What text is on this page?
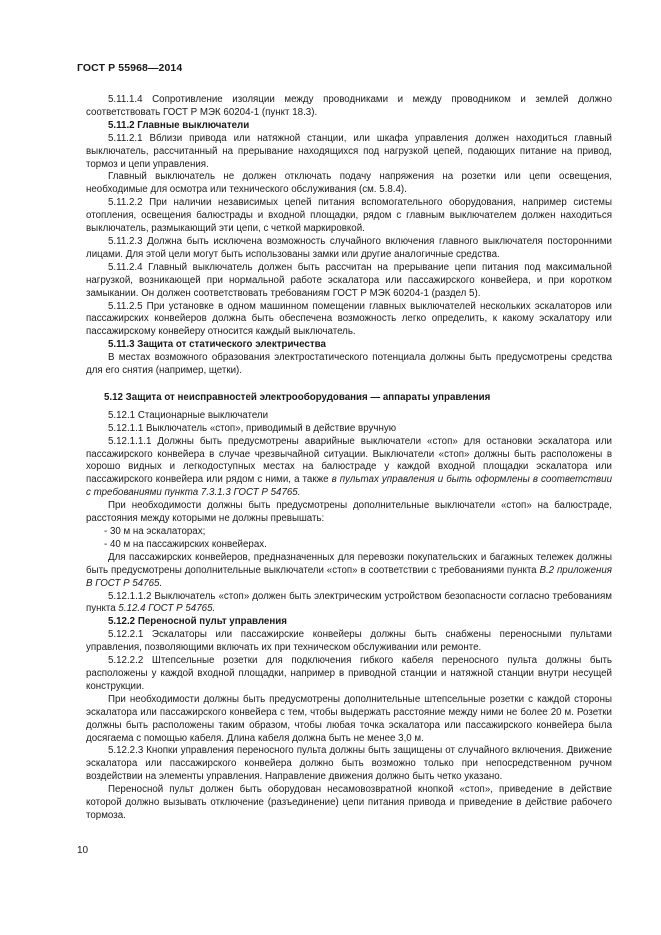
ГОСТ Р 55968—2014

5.11.1.4 Сопротивление изоляции между проводниками и между проводником и землей должно соответствовать ГОСТ Р МЭК 60204-1 (пункт 18.3).

5.11.2 Главные выключатели

5.11.2.1 Вблизи привода или натяжной станции, или шкафа управления должен находиться главный выключатель, рассчитанный на прерывание находящихся под нагрузкой цепей, подающих питание на привод, тормоз и цепи управления.

Главный выключатель не должен отключать подачу напряжения на розетки или цепи освещения, необходимые для осмотра или технического обслуживания (см. 5.8.4).

5.11.2.2 При наличии независимых цепей питания вспомогательного оборудования, например системы отопления, освещения балюстрады и входной площадки, рядом с главным выключателем должен находиться выключатель, размыкающий эти цепи, с четкой маркировкой.

5.11.2.3 Должна быть исключена возможность случайного включения главного выключателя посторонними лицами. Для этой цели могут быть использованы замки или другие аналогичные средства.

5.11.2.4 Главный выключатель должен быть рассчитан на прерывание цепи питания под максимальной нагрузкой, возникающей при нормальной работе эскалатора или пассажирского конвейера, и при коротком замыкании. Он должен соответствовать требованиям ГОСТ Р МЭК 60204-1 (раздел 5).

5.11.2.5 При установке в одном машинном помещении главных выключателей нескольких эскалаторов или пассажирских конвейеров должна быть обеспечена возможность легко определить, к какому эскалатору или пассажирскому конвейеру относится каждый выключатель.

5.11.3 Защита от статического электричества

В местах возможного образования электростатического потенциала должны быть предусмотрены средства для его снятия (например, щетки).

5.12 Защита от неисправностей электрооборудования — аппараты управления

5.12.1 Стационарные выключатели

5.12.1.1 Выключатель «стоп», приводимый в действие вручную

5.12.1.1.1 Должны быть предусмотрены аварийные выключатели «стоп» для остановки эскалатора или пассажирского конвейера в случае чрезвычайной ситуации. Выключатели «стоп» должны быть расположены в хорошо видных и легкодоступных местах на балюстраде у каждой входной площадки эскалатора или пассажирского конвейера или рядом с ними, а также в пультах управления и быть оформлены в соответствии с требованиями пункта 7.3.1.3 ГОСТ Р 54765.

При необходимости должны быть предусмотрены дополнительные выключатели «стоп» на балюстраде, расстояния между которыми не должны превышать:

- 30 м на эскалаторах;

- 40 м на пассажирских конвейерах.

Для пассажирских конвейеров, предназначенных для перевозки покупательских и багажных тележек должны быть предусмотрены дополнительные выключатели «стоп» в соответствии с требованиями пункта В.2 приложения В ГОСТ Р 54765.

5.12.1.1.2 Выключатель «стоп» должен быть электрическим устройством безопасности согласно требованиям пункта 5.12.4 ГОСТ Р 54765.

5.12.2 Переносной пульт управления

5.12.2.1 Эскалаторы или пассажирские конвейеры должны быть снабжены переносными пультами управления, позволяющими включать их при техническом обслуживании или ремонте.

5.12.2.2 Штепсельные розетки для подключения гибкого кабеля переносного пульта должны быть расположены у каждой входной площадки, например в приводной станции и натяжной станции внутри несущей конструкции.

При необходимости должны быть предусмотрены дополнительные штепсельные розетки с каждой стороны эскалатора или пассажирского конвейера с тем, чтобы выдержать расстояние между ними не более 20 м. Розетки должны быть расположены таким образом, чтобы любая точка эскалатора или пассажирского конвейера была досягаема с помощью кабеля. Длина кабеля должна быть не менее 3,0 м.

5.12.2.3 Кнопки управления переносного пульта должны быть защищены от случайного включения. Движение эскалатора или пассажирского конвейера должно быть возможно только при непосредственном ручном воздействии на элементы управления. Направление движения должно быть четко указано.

Переносной пульт должен быть оборудован несамовозвратной кнопкой «стоп», приведение в действие которой должно вызывать отключение (разъединение) цепи питания привода и приведение в действие рабочего тормоза.

10
